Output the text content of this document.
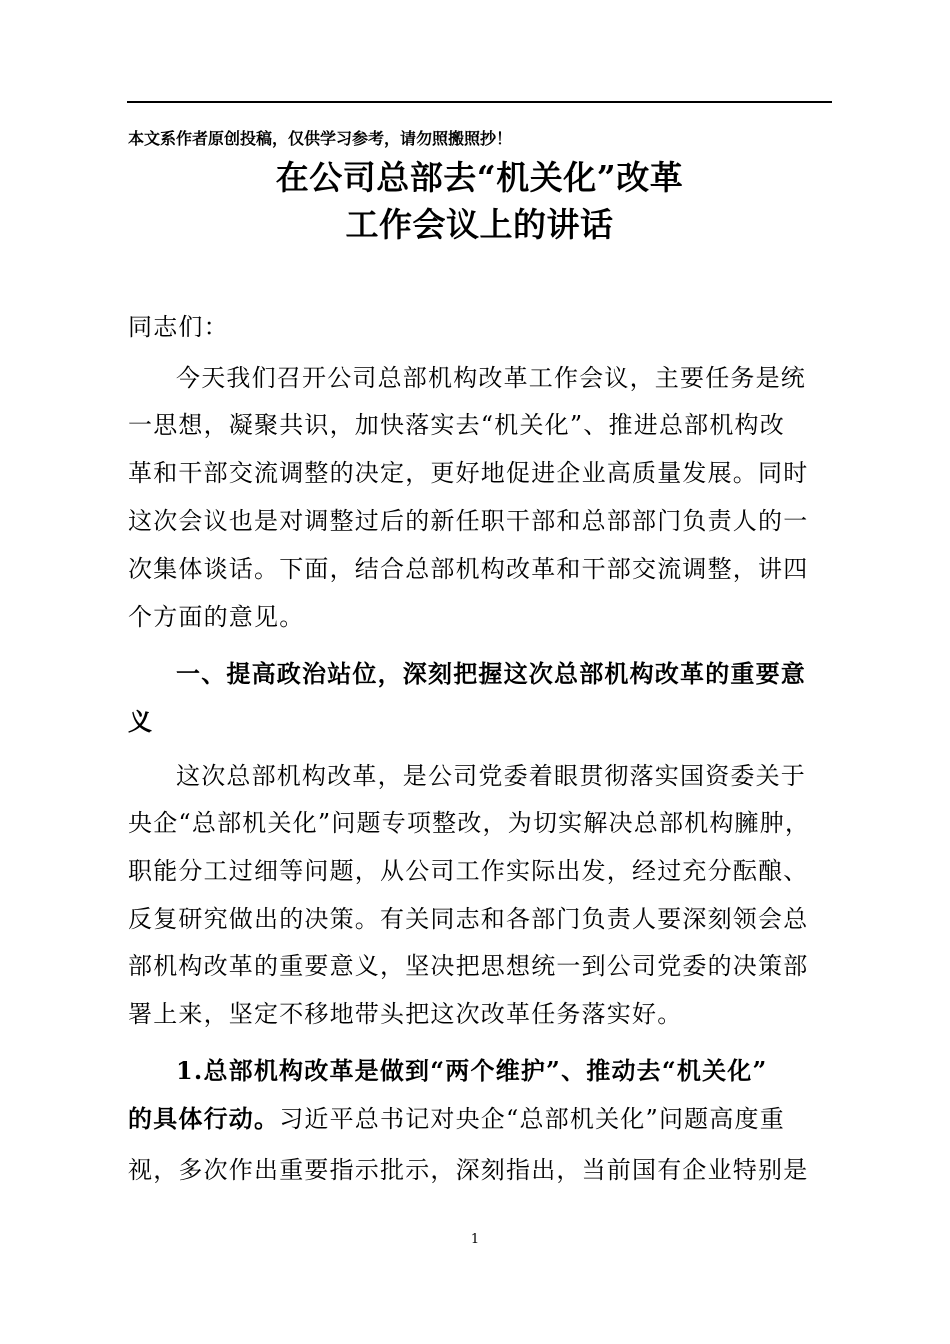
本文系作者原创投稿，仅供学习参考，请勿照搬照抄！
在公司总部去“机关化”改革
工作会议上的讲话
同志们：
今天我们召开公司总部机构改革工作会议，主要任务是统
一思想，凝聚共识，加快落实去“机关化”、推进总部机构改
革和干部交流调整的决定，更好地促进企业高质量发展。同时
这次会议也是对调整过后的新任职干部和总部部门负责人的一
次集体谈话。下面，结合总部机构改革和干部交流调整，讲四
个方面的意见。
一、提高政治站位，深刻把握这次总部机构改革的重要意
义
这次总部机构改革，是公司党委着眼贯彻落实国资委关于
央企“总部机关化”问题专项整改，为切实解决总部机构臃肿，
职能分工过细等问题，从公司工作实际出发，经过充分酝酿、
反复研究做出的决策。有关同志和各部门负责人要深刻领会总
部机构改革的重要意义，坚决把思想统一到公司党委的决策部
署上来，坚定不移地带头把这次改革任务落实好。
1.总部机构改革是做到“两个维护”、推动去“机关化”
的具体行动。习近平总书记对央企“总部机关化”问题高度重
视，多次作出重要指示批示，深刻指出，当前国有企业特别是
1
